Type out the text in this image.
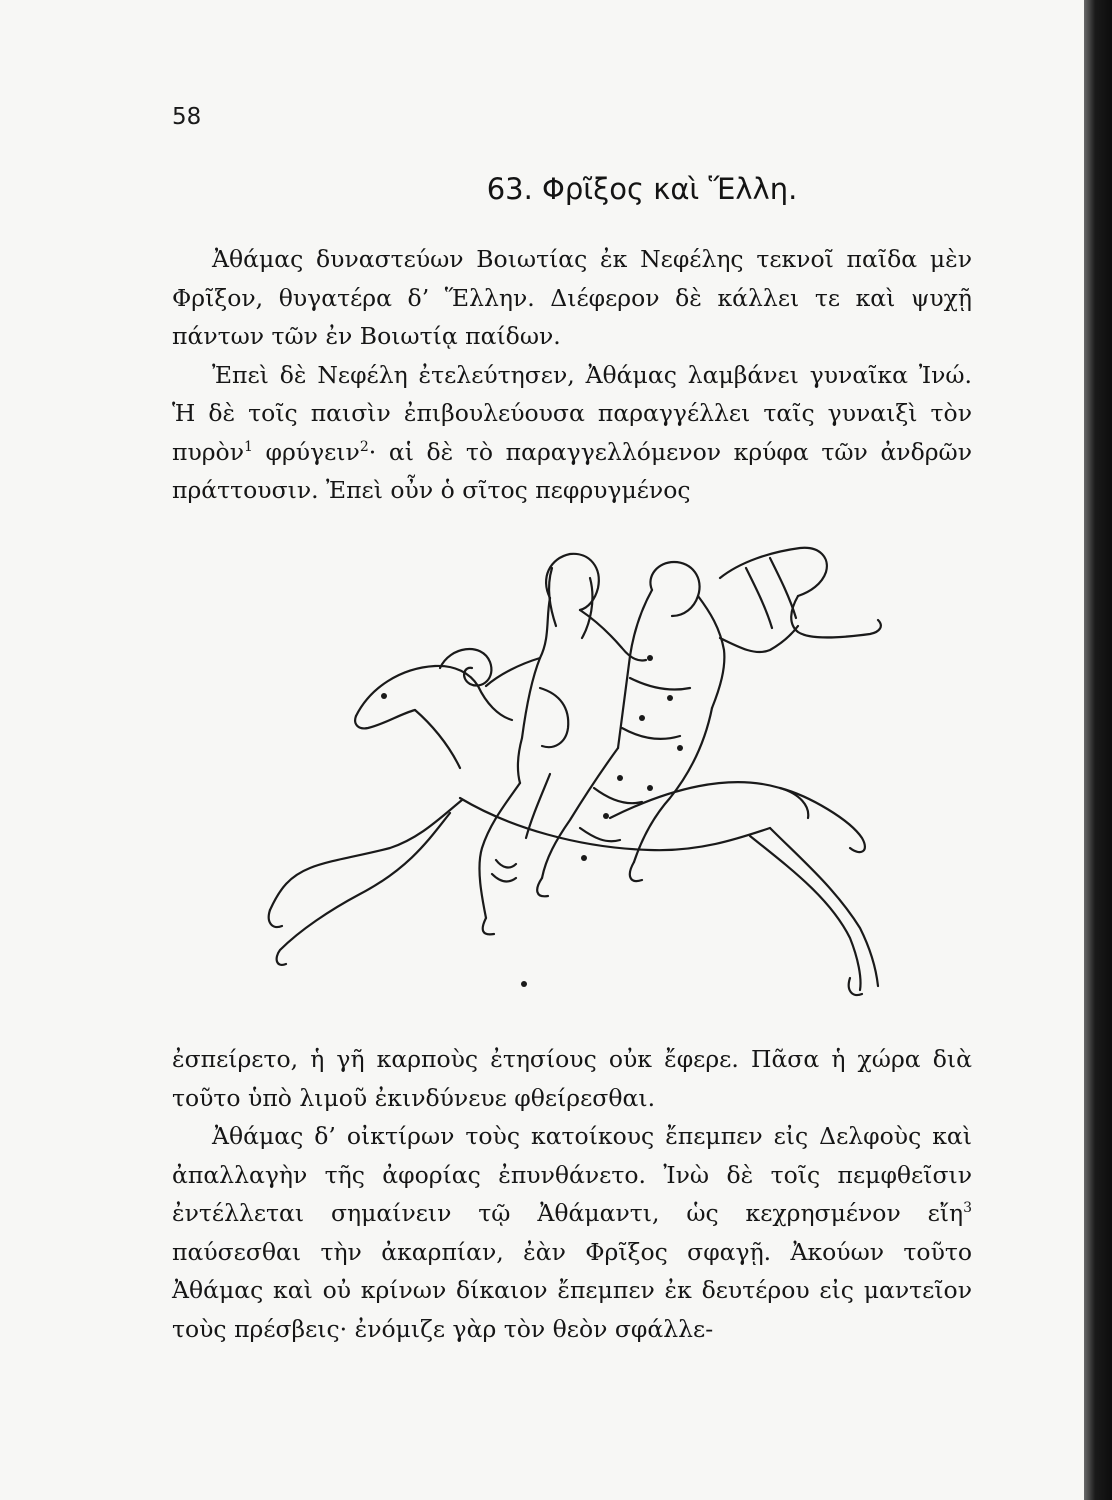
58
63. Φρῖξος καὶ Ἕλλη.

Ἀθάμας δυναστεύων Βοιωτίας ἐκ Νεφέλης τεκνοῖ παῖδα μὲν Φρῖξον, θυγατέρα δ’ Ἕλλην. Διέφερον δὲ κάλλει τε καὶ ψυχῇ πάντων τῶν ἐν Βοιωτίᾳ παίδων.

Ἐπεὶ δὲ Νεφέλη ἐτελεύτησεν, Ἀθάμας λαμβάνει γυναῖκα Ἰνώ. Ἡ δὲ τοῖς παισὶν ἐπιβουλεύουσα παραγγέλλει ταῖς γυναιξὶ τὸν πυρὸν$^1$ φρύγειν$^2$· αἱ δὲ τὸ παραγγελλόμενον κρύφα τῶν ἀνδρῶν πράττουσιν. Ἐπεὶ οὖν ὁ σῖτος πεφρυγμένος

ἐσπείρετο, ἡ γῆ καρποὺς ἐτησίους οὐκ ἔφερε. Πᾶσα ἡ χώρα διὰ τοῦτο ὑπὸ λιμοῦ ἐκινδύνευε φθείρεσθαι.

Ἀθάμας δ’ οἰκτίρων τοὺς κατοίκους ἔπεμπεν εἰς Δελφοὺς καὶ ἀπαλλαγὴν τῆς ἀφορίας ἐπυνθάνετο. Ἰνὼ δὲ τοῖς πεμφθεῖσιν ἐντέλλεται σημαίνειν τῷ Ἀθάμαντι, ὡς κεχρησμένον εἴη$^3$ παύσεσθαι τὴν ἀκαρπίαν, ἐὰν Φρῖξος σφαγῇ. Ἀκούων τοῦτο Ἀθάμας καὶ οὐ κρίνων δίκαιον ἔπεμπεν ἐκ δευτέρου εἰς μαντεῖον τοὺς πρέσβεις· ἐνόμιζε γὰρ τὸν θεὸν σφάλλε-
